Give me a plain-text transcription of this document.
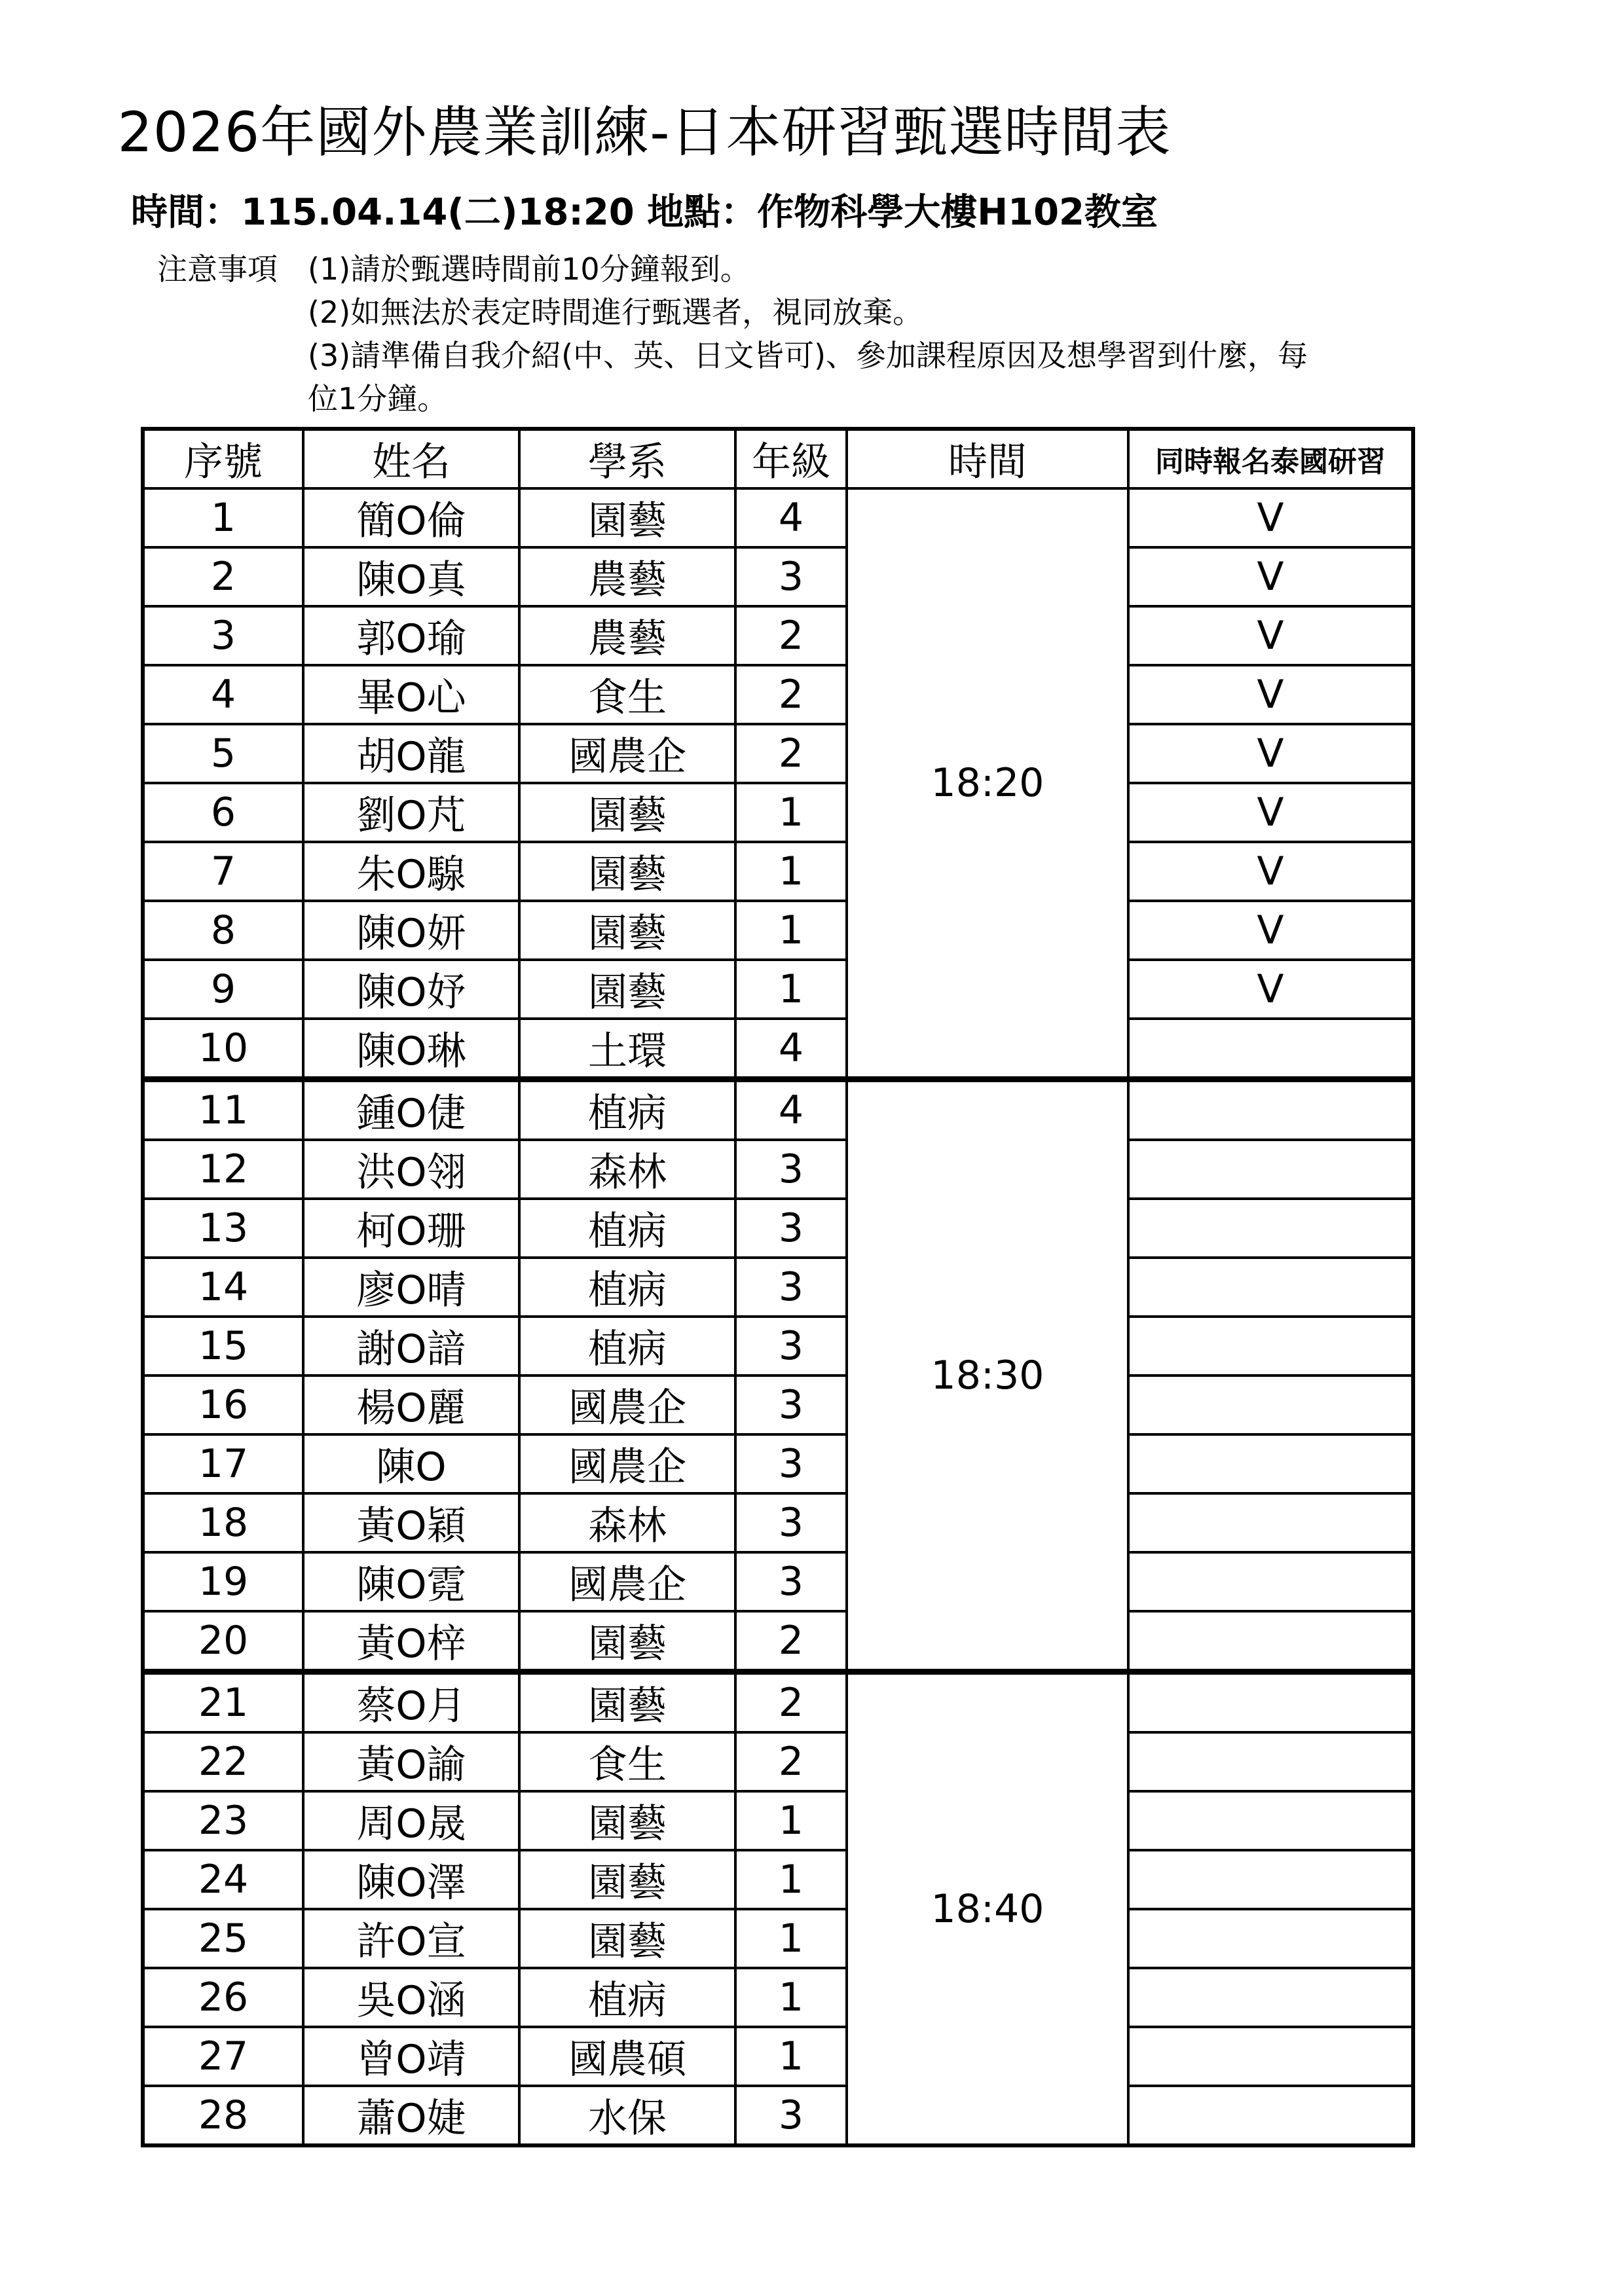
2026年國外農業訓練-日本研習甄選時間表
時間：115.04.14(二)18:20 地點：作物科學大樓H102教室
注意事項	(1)請於甄選時間前10分鐘報到。
(2)如無法於表定時間進行甄選者，視同放棄。
(3)請準備自我介紹(中、英、日文皆可)、參加課程原因及想學習到什麼，每
位1分鐘。
序號	姓名	學系	年級	時間	同時報名泰國研習
1	簡O倫	園藝	4	18:20	V
2	陳O真	農藝	3		V
3	郭O瑜	農藝	2		V
4	畢O心	食生	2		V
5	胡O龍	國農企	2		V
6	劉O芃	園藝	1		V
7	朱O騡	園藝	1		V
8	陳O妍	園藝	1		V
9	陳O妤	園藝	1		V
10	陳O琳	土環	4		
11	鍾O倢	植病	4	18:30	
12	洪O翎	森林	3		
13	柯O珊	植病	3		
14	廖O晴	植病	3		
15	謝O諳	植病	3		
16	楊O麗	國農企	3		
17	陳O	國農企	3		
18	黃O穎	森林	3		
19	陳O霓	國農企	3		
20	黃O梓	園藝	2		
21	蔡O月	園藝	2	18:40	
22	黃O諭	食生	2		
23	周O晟	園藝	1		
24	陳O澤	園藝	1		
25	許O宣	園藝	1		
26	吳O涵	植病	1		
27	曾O靖	國農碩	1		
28	蕭O婕	水保	3		
